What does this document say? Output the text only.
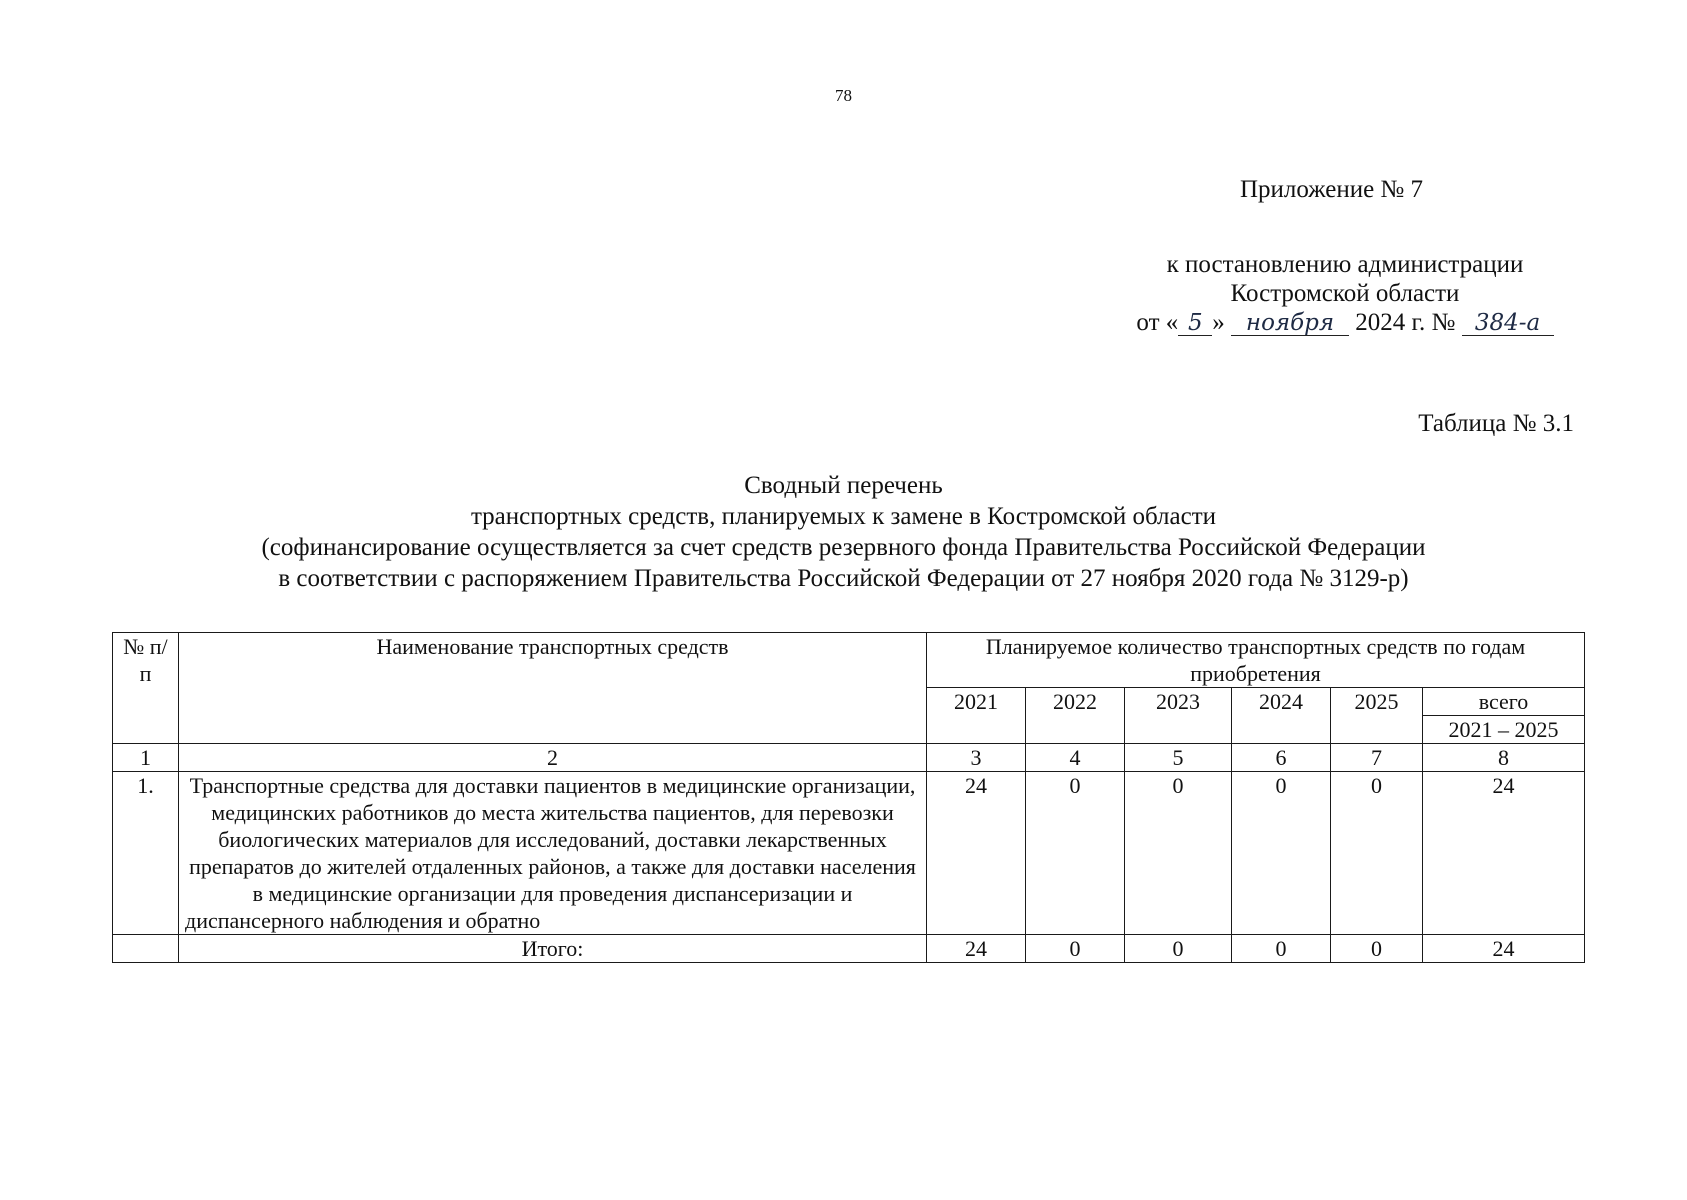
78
Приложение № 7
к постановлению администрации
Костромской области
от « 5 » ноября 2024 г. № 384-а
Таблица № 3.1
Сводный перечень
транспортных средств, планируемых к замене в Костромской области
(софинансирование осуществляется за счет средств резервного фонда Правительства Российской Федерации
в соответствии с распоряжением Правительства Российской Федерации от 27 ноября 2020 года № 3129-р)
№ п/п	Наименование транспортных средств	Планируемое количество транспортных средств по годам приобретения					
		2021	2022	2023	2024	2025	всего
							2021 – 2025
1	2	3	4	5	6	7	8
1.	Транспортные средства для доставки пациентов в медицинские организации, медицинских работников до места жительства пациентов, для перевозки биологических материалов для исследований, доставки лекарственных препаратов до жителей отдаленных районов, а также для доставки населения в медицинские организации для проведения диспансеризации и диспансерного наблюдения и обратно	24	0	0	0	0	24
	Итого:	24	0	0	0	0	24
